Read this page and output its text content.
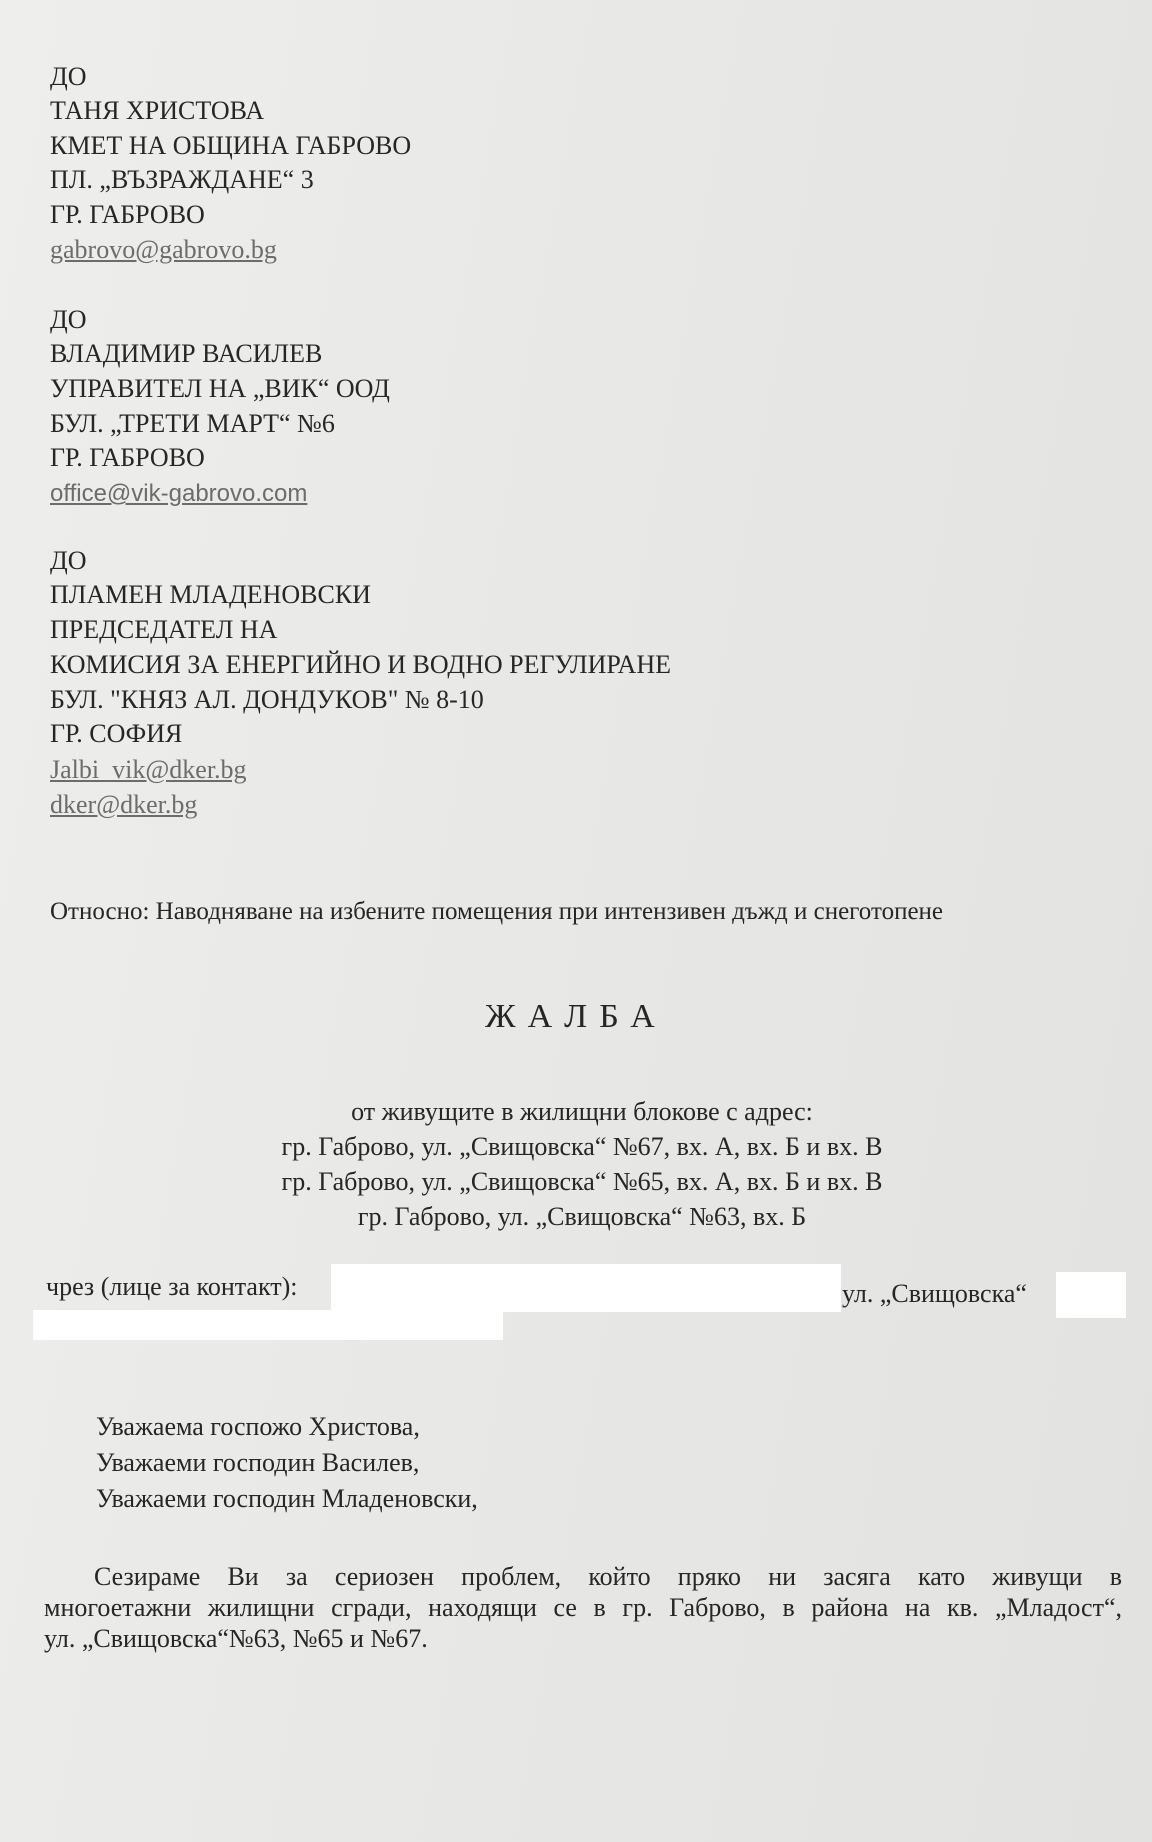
ДО
ТАНЯ ХРИСТОВА
КМЕТ НА ОБЩИНА ГАБРОВО
ПЛ. „ВЪЗРАЖДАНЕ“ 3
ГР. ГАБРОВО
gabrovo@gabrovo.bg
ДО
ВЛАДИМИР ВАСИЛЕВ
УПРАВИТЕЛ НА „ВИК“ ООД
БУЛ. „ТРЕТИ МАРТ“ №6
ГР. ГАБРОВО
office@vik-gabrovo.com
ДО
ПЛАМЕН МЛАДЕНОВСКИ
ПРЕДСЕДАТЕЛ НА
КОМИСИЯ ЗА ЕНЕРГИЙНО И ВОДНО РЕГУЛИРАНЕ
БУЛ. "КНЯЗ АЛ. ДОНДУКОВ" № 8-10
ГР. СОФИЯ
Jalbi_vik@dker.bg
dker@dker.bg
Относно: Наводняване на избените помещения при интензивен дъжд и снеготопене
ЖАЛБА
от живущите в жилищни блокове с адрес:
гр. Габрово, ул. „Свищовска“ №67, вх. А, вх. Б и вх. В
гр. Габрово, ул. „Свищовска“ №65, вх. А, вх. Б и вх. В
гр. Габрово, ул. „Свищовска“ №63, вх. Б
чрез (лице за контакт):	ул. „Свищовска“
Уважаема госпожо Христова,
Уважаеми господин Василев,
Уважаеми господин Младеновски,
Сезираме Ви за сериозен проблем, който пряко ни засяга като живущи в
многоетажни жилищни сгради, находящи се в гр. Габрово, в района на кв. „Младост“,
ул. „Свищовска“№63, №65 и №67.
